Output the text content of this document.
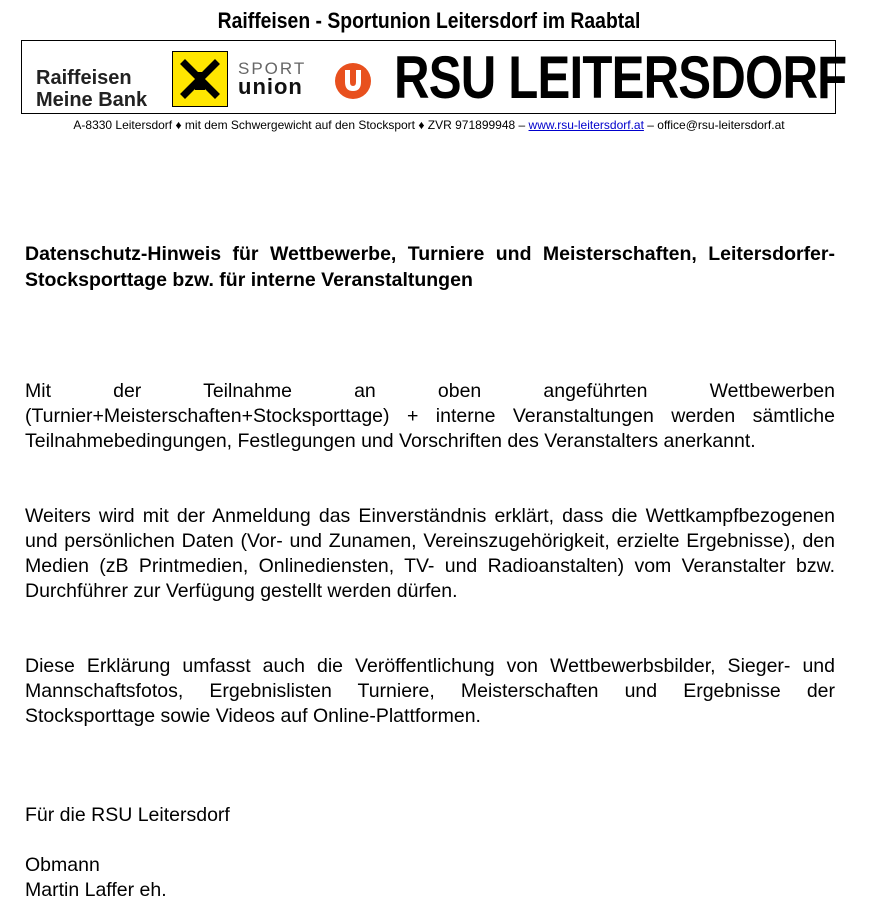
Raiffeisen - Sportunion Leitersdorf im Raabtal
Raiffeisen
Meine Bank
SPORT
union RSU LEITERSDORF
A-8330 Leitersdorf ♦ mit dem Schwergewicht auf den Stocksport ♦ ZVR 971899948 – www.rsu-leitersdorf.at – office@rsu-leitersdorf.at
Datenschutz-Hinweis für Wettbewerbe, Turniere und Meisterschaften, Leitersdorfer-Stocksporttage bzw. für interne Veranstaltungen
Mit der Teilnahme an oben angeführten Wettbewerben (Turnier+Meisterschaften+Stocksporttage) + interne Veranstaltungen werden sämtliche Teilnahmebedingungen, Festlegungen und Vorschriften des Veranstalters anerkannt.
Weiters wird mit der Anmeldung das Einverständnis erklärt, dass die Wettkampfbezogenen und persönlichen Daten (Vor- und Zunamen, Vereinszugehörigkeit, erzielte Ergebnisse), den Medien (zB Printmedien, Onlinediensten, TV- und Radioanstalten) vom Veranstalter bzw. Durchführer zur Verfügung gestellt werden dürfen.
Diese Erklärung umfasst auch die Veröffentlichung von Wettbewerbsbilder, Sieger- und Mannschaftsfotos, Ergebnislisten Turniere, Meisterschaften und Ergebnisse der Stocksporttage sowie Videos auf Online-Plattformen.
Für die RSU Leitersdorf
Obmann
Martin Laffer eh.
